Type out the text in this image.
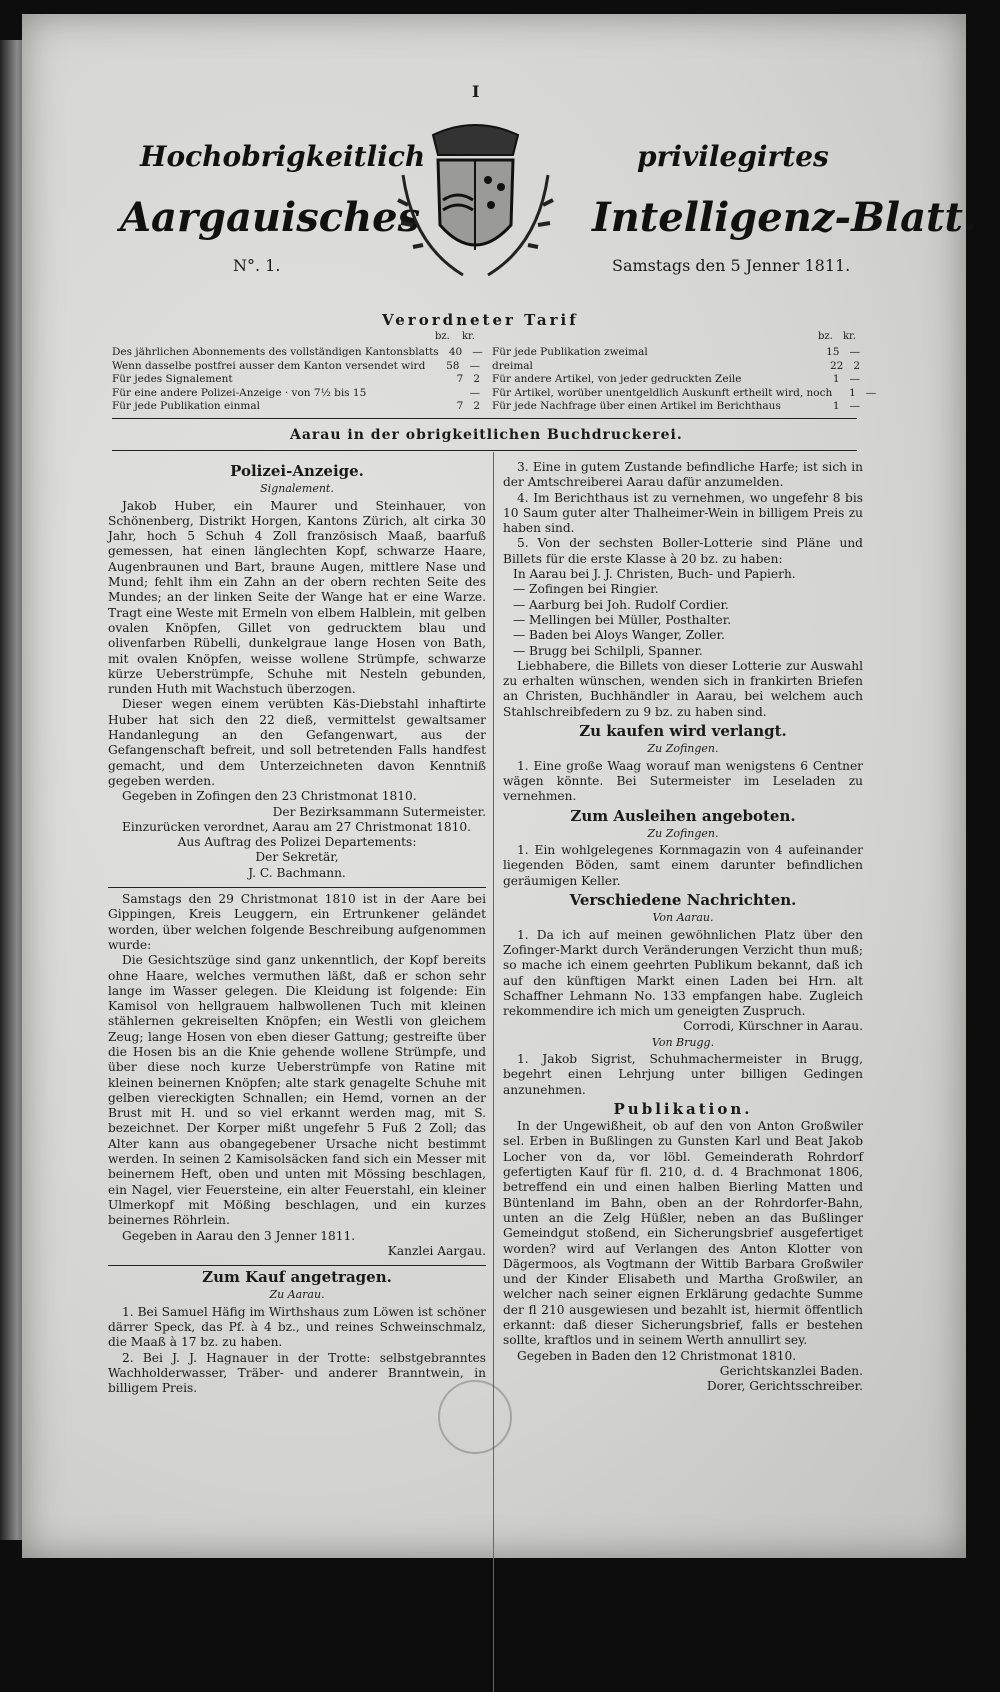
I
Hochobrigkeitlich	privilegirtes
Aargauisches	Intelligenz-Blatt.
N°. 1.	Samstags den 5 Jenner 1811.
Verordneter Tarif
bz. kr.	bz. kr.
Des jährlichen Abonnements des vollständigen Kantonsblatts 40 —
Wenn dasselbe postfrei ausser dem Kanton versendet wird	58 —
Für jedes Signalement	7 2
Für eine andere Polizei-Anzeige · von 7½ bis 15	—
Für jede Publikation einmal	7 2
Für jede Publikation zweimal	15 —
dreimal	22 2
Für andere Artikel, von jeder gedruckten Zeile	1 —
Für Artikel, worüber unentgeldlich Auskunft ertheilt wird, noch	1 —
Für jede Nachfrage über einen Artikel im Berichthaus	1 —
Aarau in der obrigkeitlichen Buchdruckerei.
Polizei-Anzeige.
Signalement.

Jakob Huber, ein Maurer und Steinhauer, von Schönenberg, Distrikt Horgen, Kantons Zürich, alt cirka 30 Jahr, hoch 5 Schuh 4 Zoll französisch Maaß, baarfuß gemessen, hat einen länglechten Kopf, schwarze Haare, Augenbraunen und Bart, braune Augen, mittlere Nase und Mund; fehlt ihm ein Zahn an der obern rechten Seite des Mundes; an der linken Seite der Wange hat er eine Warze. Tragt eine Weste mit Ermeln von elbem Halblein, mit gelben ovalen Knöpfen, Gillet von gedrucktem blau und olivenfarben Rübelli, dunkelgraue lange Hosen von Bath, mit ovalen Knöpfen, weisse wollene Strümpfe, schwarze kürze Ueberstrümpfe, Schuhe mit Nesteln gebunden, runden Huth mit Wachstuch überzogen.

Dieser wegen einem verübten Käs-Diebstahl inhaftirte Huber hat sich den 22 dieß, vermittelst gewaltsamer Handanlegung an den Gefangenwart, aus der Gefangenschaft befreit, und soll betretenden Falls handfest gemacht, und dem Unterzeichneten davon Kenntniß gegeben werden.

Gegeben in Zofingen den 23 Christmonat 1810.

Der Bezirksammann Sutermeister.

Einzurücken verordnet, Aarau am 27 Christmonat 1810.

Aus Auftrag des Polizei Departements:

Der Sekretär,

J. C. Bachmann.

Samstags den 29 Christmonat 1810 ist in der Aare bei Gippingen, Kreis Leuggern, ein Ertrunkener geländet worden, über welchen folgende Beschreibung aufgenommen wurde:

Die Gesichtszüge sind ganz unkenntlich, der Kopf bereits ohne Haare, welches vermuthen läßt, daß er schon sehr lange im Wasser gelegen. Die Kleidung ist folgende: Ein Kamisol von hellgrauem halbwollenen Tuch mit kleinen stählernen gekreiselten Knöpfen; ein Westli von gleichem Zeug; lange Hosen von eben dieser Gattung; gestreifte über die Hosen bis an die Knie gehende wollene Strümpfe, und über diese noch kurze Ueberstrümpfe von Ratine mit kleinen beinernen Knöpfen; alte stark genagelte Schuhe mit gelben viereckigten Schnallen; ein Hemd, vornen an der Brust mit H. und so viel erkannt werden mag, mit S. bezeichnet. Der Korper mißt ungefehr 5 Fuß 2 Zoll; das Alter kann aus obangegebener Ursache nicht bestimmt werden. In seinen 2 Kamisolsäcken fand sich ein Messer mit beinernem Heft, oben und unten mit Mössing beschlagen, ein Nagel, vier Feuersteine, ein alter Feuerstahl, ein kleiner Ulmerkopf mit Mößing beschlagen, und ein kurzes beinernes Röhrlein.

Gegeben in Aarau den 3 Jenner 1811.

Kanzlei Aargau.

Zum Kauf angetragen.
Zu Aarau.

1. Bei Samuel Häfig im Wirthshaus zum Löwen ist schöner därrer Speck, das Pf. à 4 bz., und reines Schweinschmalz, die Maaß à 17 bz. zu haben.

2. Bei J. J. Hagnauer in der Trotte: selbstgebranntes Wachholderwasser, Träber- und anderer Branntwein, in billigem Preis.

3. Eine in gutem Zustande befindliche Harfe; ist sich in der Amtschreiberei Aarau dafür anzumelden.

4. Im Berichthaus ist zu vernehmen, wo ungefehr 8 bis 10 Saum guter alter Thalheimer-Wein in billigem Preis zu haben sind.

5. Von der sechsten Boller-Lotterie sind Pläne und Billets für die erste Klasse à 20 bz. zu haben:

In Aarau bei J. J. Christen, Buch- und Papierh.
— Zofingen bei Ringier.
— Aarburg bei Joh. Rudolf Cordier.
— Mellingen bei Müller, Posthalter.
— Baden bei Aloys Wanger, Zoller.
— Brugg bei Schilpli, Spanner.

Liebhabere, die Billets von dieser Lotterie zur Auswahl zu erhalten wünschen, wenden sich in frankirten Briefen an Christen, Buchhändler in Aarau, bei welchem auch Stahlschreibfedern zu 9 bz. zu haben sind.

Zu kaufen wird verlangt.
Zu Zofingen.

1. Eine große Waag worauf man wenigstens 6 Centner wägen könnte. Bei Sutermeister im Leseladen zu vernehmen.

Zum Ausleihen angeboten.
Zu Zofingen.

1. Ein wohlgelegenes Kornmagazin von 4 aufeinander liegenden Böden, samt einem darunter befindlichen geräumigen Keller.

Verschiedene Nachrichten.
Von Aarau.

1. Da ich auf meinen gewöhnlichen Platz über den Zofinger-Markt durch Veränderungen Verzicht thun muß; so mache ich einem geehrten Publikum bekannt, daß ich auf den künftigen Markt einen Laden bei Hrn. alt Schaffner Lehmann No. 133 empfangen habe. Zugleich rekommendire ich mich um geneigten Zuspruch.

Corrodi, Kürschner in Aarau.

Von Brugg.

1. Jakob Sigrist, Schuhmachermeister in Brugg, begehrt einen Lehrjung unter billigen Gedingen anzunehmen.

Publikation.

In der Ungewißheit, ob auf den von Anton Großwiler sel. Erben in Bußlingen zu Gunsten Karl und Beat Jakob Locher von da, vor löbl. Gemeinderath Rohrdorf gefertigten Kauf für fl. 210, d. d. 4 Brachmonat 1806, betreffend ein und einen halben Bierling Matten und Büntenland im Bahn, oben an der Rohrdorfer-Bahn, unten an die Zelg Hüßler, neben an das Bußlinger Gemeindgut stoßend, ein Sicherungsbrief ausgefertiget worden? wird auf Verlangen des Anton Klotter von Dägermoos, als Vogtmann der Wittib Barbara Großwiler und der Kinder Elisabeth und Martha Großwiler, an welcher nach seiner eignen Erklärung gedachte Summe der fl 210 ausgewiesen und bezahlt ist, hiermit öffentlich erkannt: daß dieser Sicherungsbrief, falls er bestehen sollte, kraftlos und in seinem Werth annullirt sey.

Gegeben in Baden den 12 Christmonat 1810.

Gerichtskanzlei Baden.

Dorer, Gerichtsschreiber.
